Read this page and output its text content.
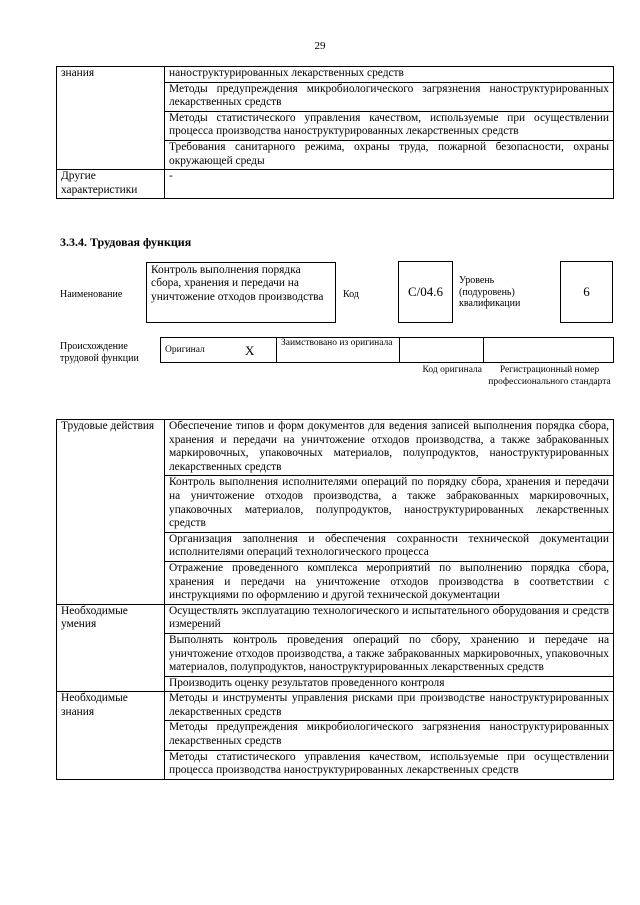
29
знания	наноструктурированных лекарственных средств
	Методы предупреждения микробиологического загрязнения наноструктурированных лекарственных средств
	Методы статистического управления качеством, используемые при осуществлении процесса производства наноструктурированных лекарственных средств
	Требования санитарного режима, охраны труда, пожарной безопасности, охраны окружающей среды
Другие характеристики	-
3.3.4. Трудовая функция
Наименование
Контроль выполнения порядка сбора, хранения и передачи на уничтожение отходов производства	Код	С/04.6
Уровень (подуровень) квалификации
6
Происхождение трудовой функции
Оригинал	X	Заимствовано из оригинала		
Код оригинала	Регистрационный номер профессионального стандарта
Трудовые действия	Обеспечение типов и форм документов для ведения записей выполнения порядка сбора, хранения и передачи на уничтожение отходов производства, а также забракованных маркировочных, упаковочных материалов, полупродуктов, наноструктурированных лекарственных средств
	Контроль выполнения исполнителями операций по порядку сбора, хранения и передачи на уничтожение отходов производства, а также забракованных маркировочных, упаковочных материалов, полупродуктов, наноструктурированных лекарственных средств
	Организация заполнения и обеспечения сохранности технической документации исполнителями операций технологического процесса
	Отражение проведенного комплекса мероприятий по выполнению порядка сбора, хранения и передачи на уничтожение отходов производства в соответствии с инструкциями по оформлению и другой технической документации
Необходимые умения	Осуществлять эксплуатацию технологического и испытательного оборудования и средств измерений
	Выполнять контроль проведения операций по сбору, хранению и передаче на уничтожение отходов производства, а также забракованных маркировочных, упаковочных материалов, полупродуктов, наноструктурированных лекарственных средств
	Производить оценку результатов проведенного контроля
Необходимые знания	Методы и инструменты управления рисками при производстве наноструктурированных лекарственных средств
	Методы предупреждения микробиологического загрязнения наноструктурированных лекарственных средств
	Методы статистического управления качеством, используемые при осуществлении процесса производства наноструктурированных лекарственных средств
